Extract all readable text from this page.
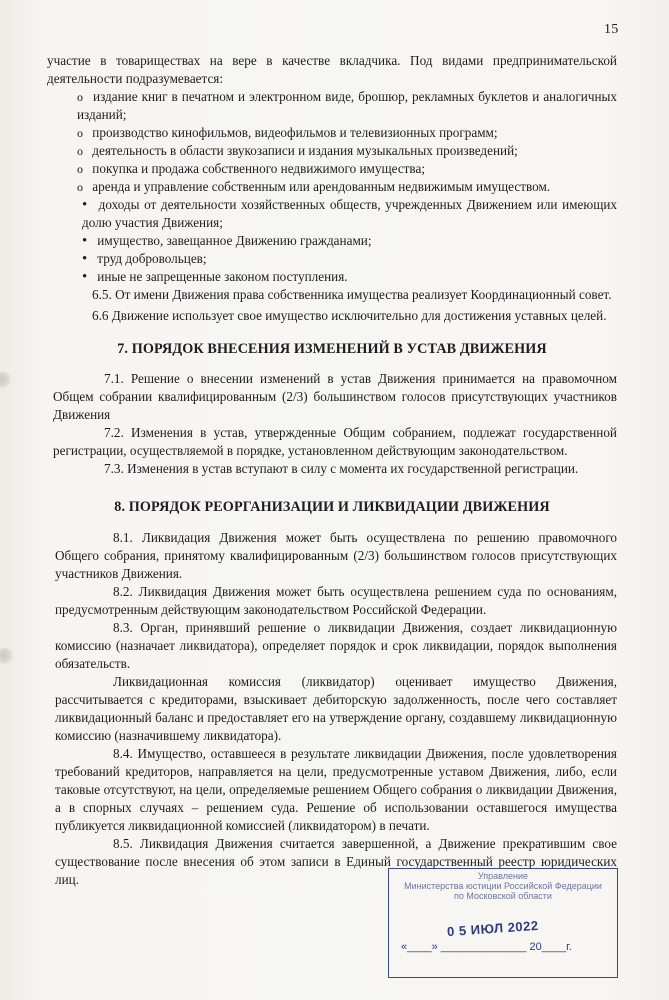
15

участие в товариществах на вере в качестве вкладчика. Под видами предпринимательской деятельности подразумевается:

o издание книг в печатном и электронном виде, брошюр, рекламных буклетов и аналогичных изданий;
o производство кинофильмов, видеофильмов и телевизионных программ;
o деятельность в области звукозаписи и издания музыкальных произведений;
o покупка и продажа собственного недвижимого имущества;
o аренда и управление собственным или арендованным недвижимым имуществом.
• доходы от деятельности хозяйственных обществ, учрежденных Движением или имеющих долю участия Движения;
• имущество, завещанное Движению гражданами;
• труд добровольцев;
• иные не запрещенные законом поступления.

6.5. От имени Движения права собственника имущества реализует Координационный совет.

6.6 Движение использует свое имущество исключительно для достижения уставных целей.

7. ПОРЯДОК ВНЕСЕНИЯ ИЗМЕНЕНИЙ В УСТАВ ДВИЖЕНИЯ

7.1. Решение о внесении изменений в устав Движения принимается на правомочном Общем собрании квалифицированным (2/3) большинством голосов присутствующих участников Движения

7.2. Изменения в устав, утвержденные Общим собранием, подлежат государственной регистрации, осуществляемой в порядке, установленном действующим законодательством.

7.3. Изменения в устав вступают в силу с момента их государственной регистрации.

8. ПОРЯДОК РЕОРГАНИЗАЦИИ И ЛИКВИДАЦИИ ДВИЖЕНИЯ

8.1. Ликвидация Движения может быть осуществлена по решению правомочного Общего собрания, принятому квалифицированным (2/3) большинством голосов присутствующих участников Движения.

8.2. Ликвидация Движения может быть осуществлена решением суда по основаниям, предусмотренным действующим законодательством Российской Федерации.

8.3. Орган, принявший решение о ликвидации Движения, создает ликвидационную комиссию (назначает ликвидатора), определяет порядок и срок ликвидации, порядок выполнения обязательств.

Ликвидационная комиссия (ликвидатор) оценивает имущество Движения, рассчитывается с кредиторами, взыскивает дебиторскую задолженность, после чего составляет ликвидационный баланс и предоставляет его на утверждение органу, создавшему ликвидационную комиссию (назначившему ликвидатора).

8.4. Имущество, оставшееся в результате ликвидации Движения, после удовлетворения требований кредиторов, направляется на цели, предусмотренные уставом Движения, либо, если таковые отсутствуют, на цели, определяемые решением Общего собрания о ликвидации Движения, а в спорных случаях – решением суда. Решение об использовании оставшегося имущества публикуется ликвидационной комиссией (ликвидатором) в печати.

8.5. Ликвидация Движения считается завершенной, а Движение прекратившим свое существование после внесения об этом записи в Единый государственный реестр юридических лиц.	Управление
Министерства юстиции Российской Федерации
по Московской области
0 5 ИЮЛ 2022
«____» ______________ 20____г.
